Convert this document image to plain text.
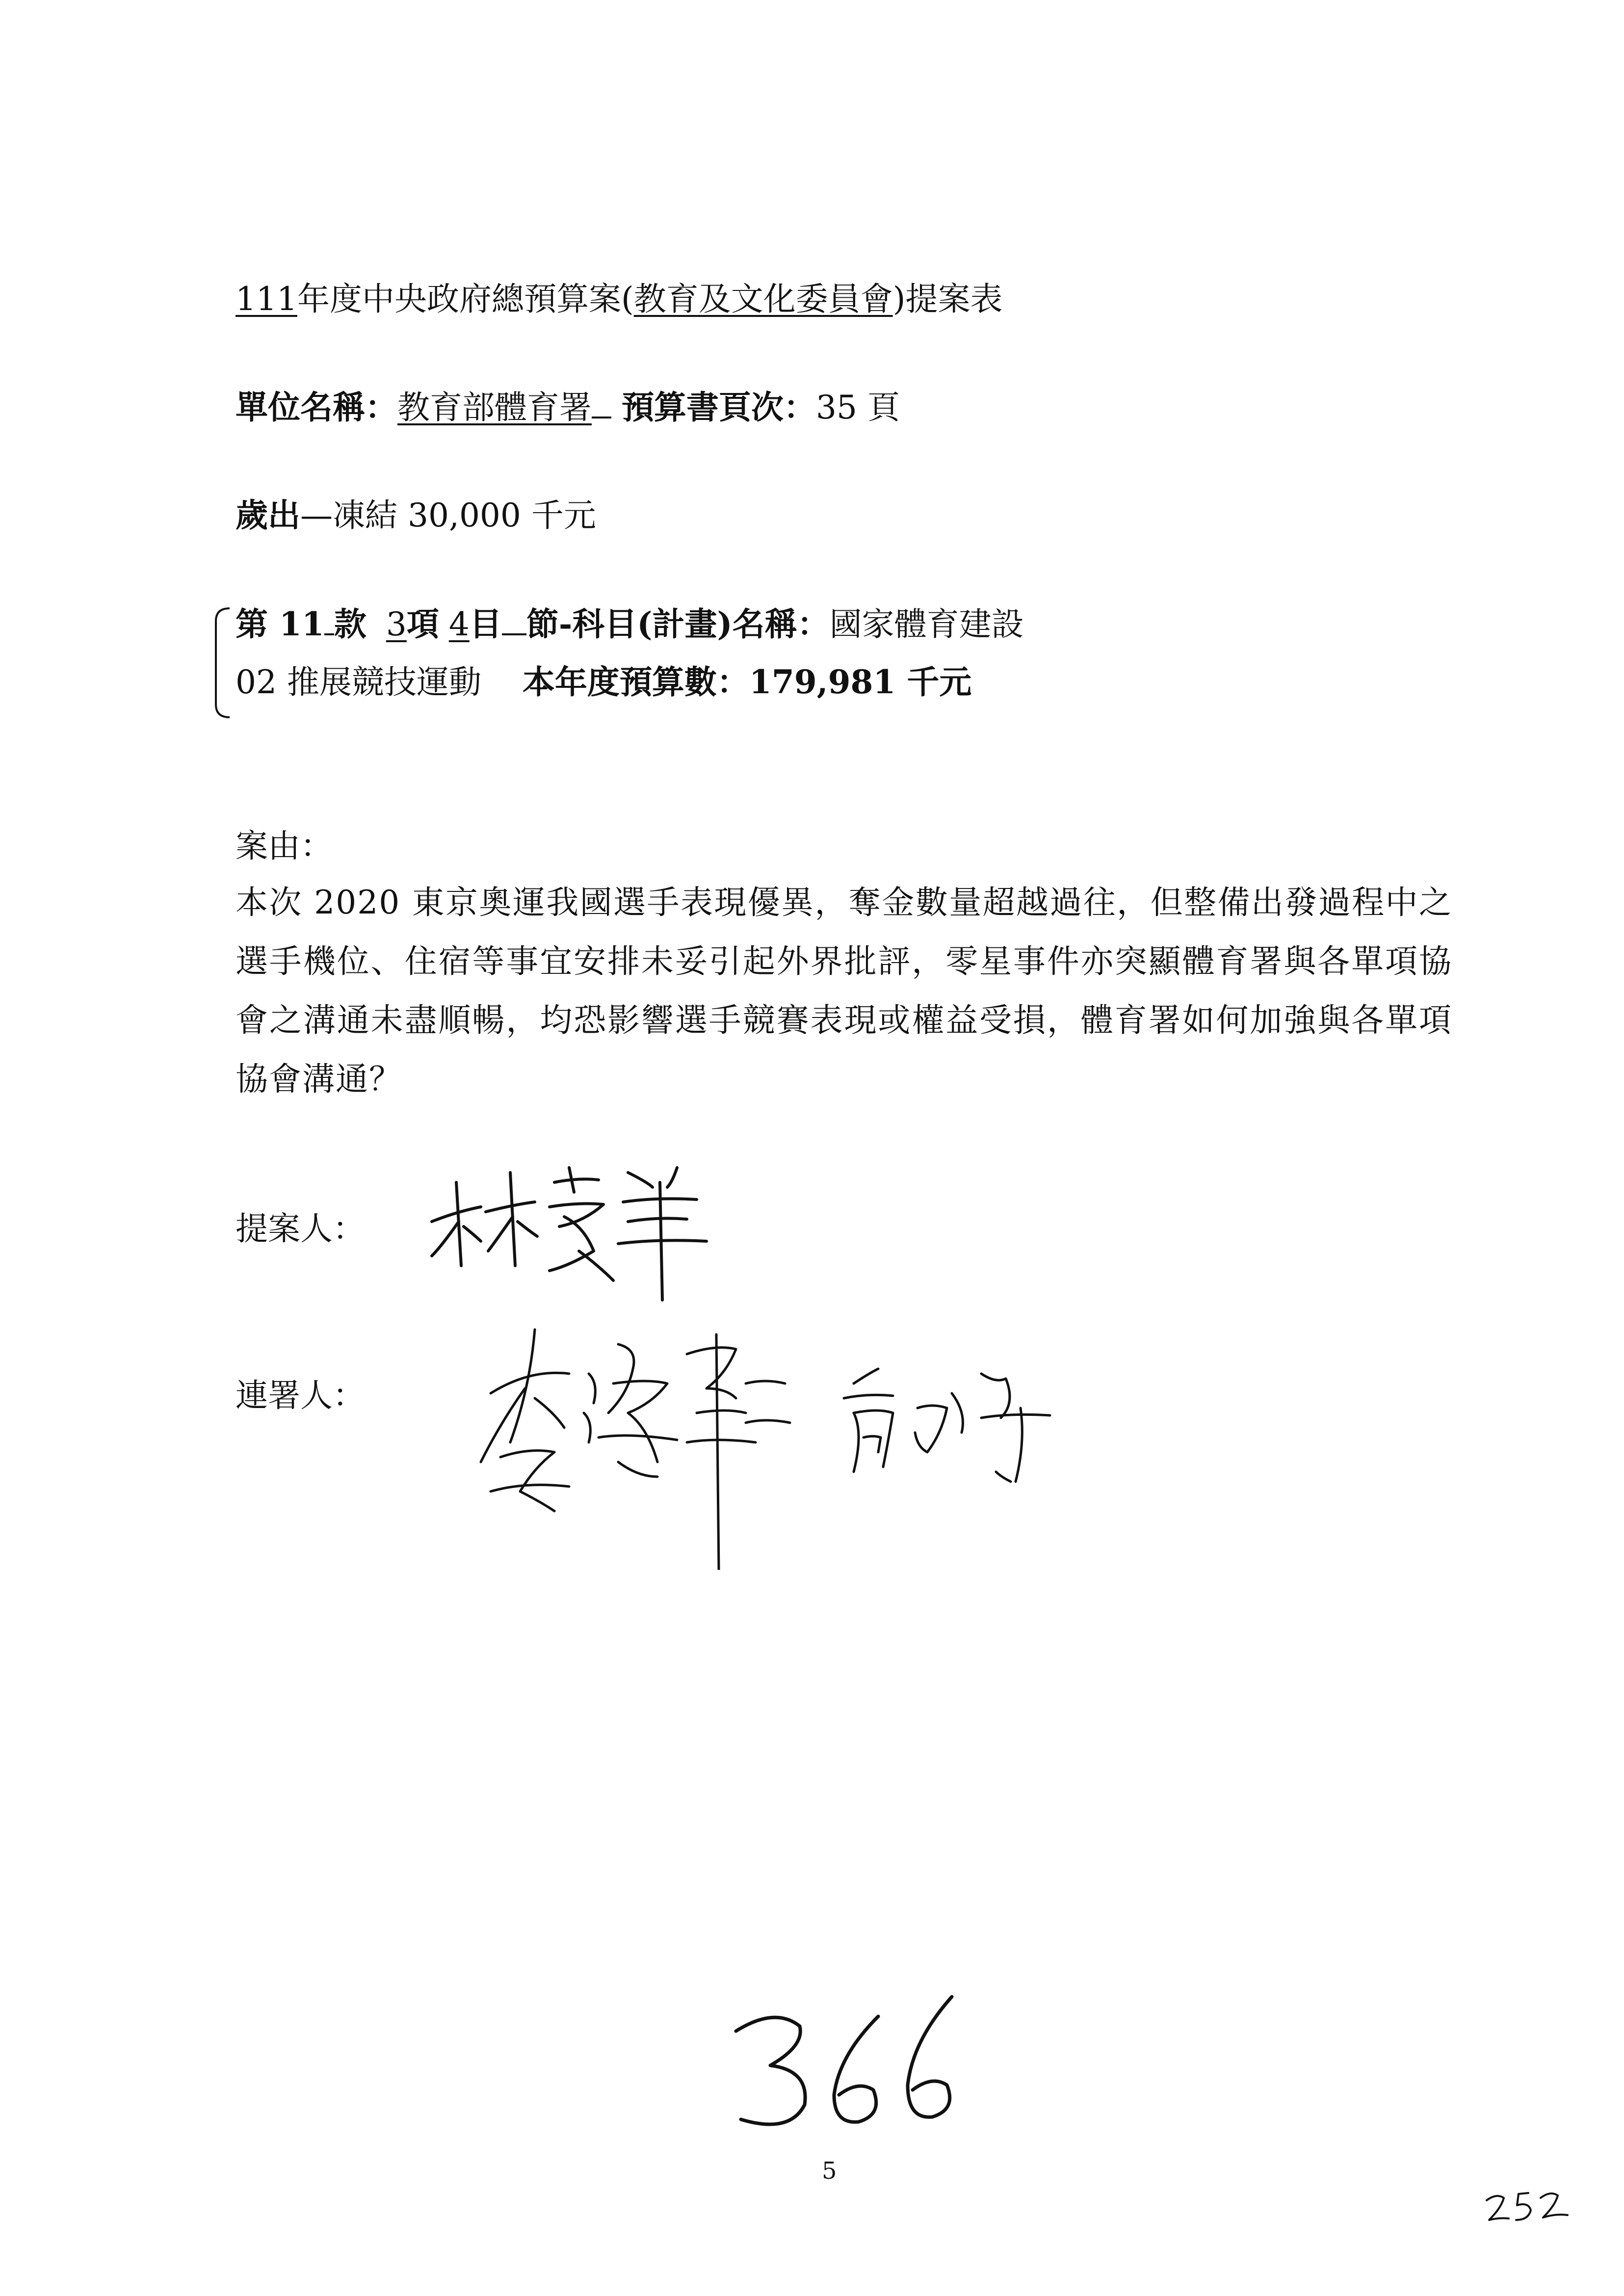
111年度中央政府總預算案(教育及文化委員會)提案表
單位名稱：教育部體育署 預算書頁次：35 頁
歲出—凍結 30,000 千元
第 11 款 3項 4目 節-科目(計畫)名稱：國家體育建設
02 推展競技運動 本年度預算數：179,981 千元
案由：

本次 2020 東京奧運我國選手表現優異，奪金數量超越過往，但整備出發過程中之選手機位、住宿等事宜安排未妥引起外界批評，零星事件亦突顯體育署與各單項協會之溝通未盡順暢，均恐影響選手競賽表現或權益受損，體育署如何加強與各單項協會溝通？

提案人：
連署人：
5
